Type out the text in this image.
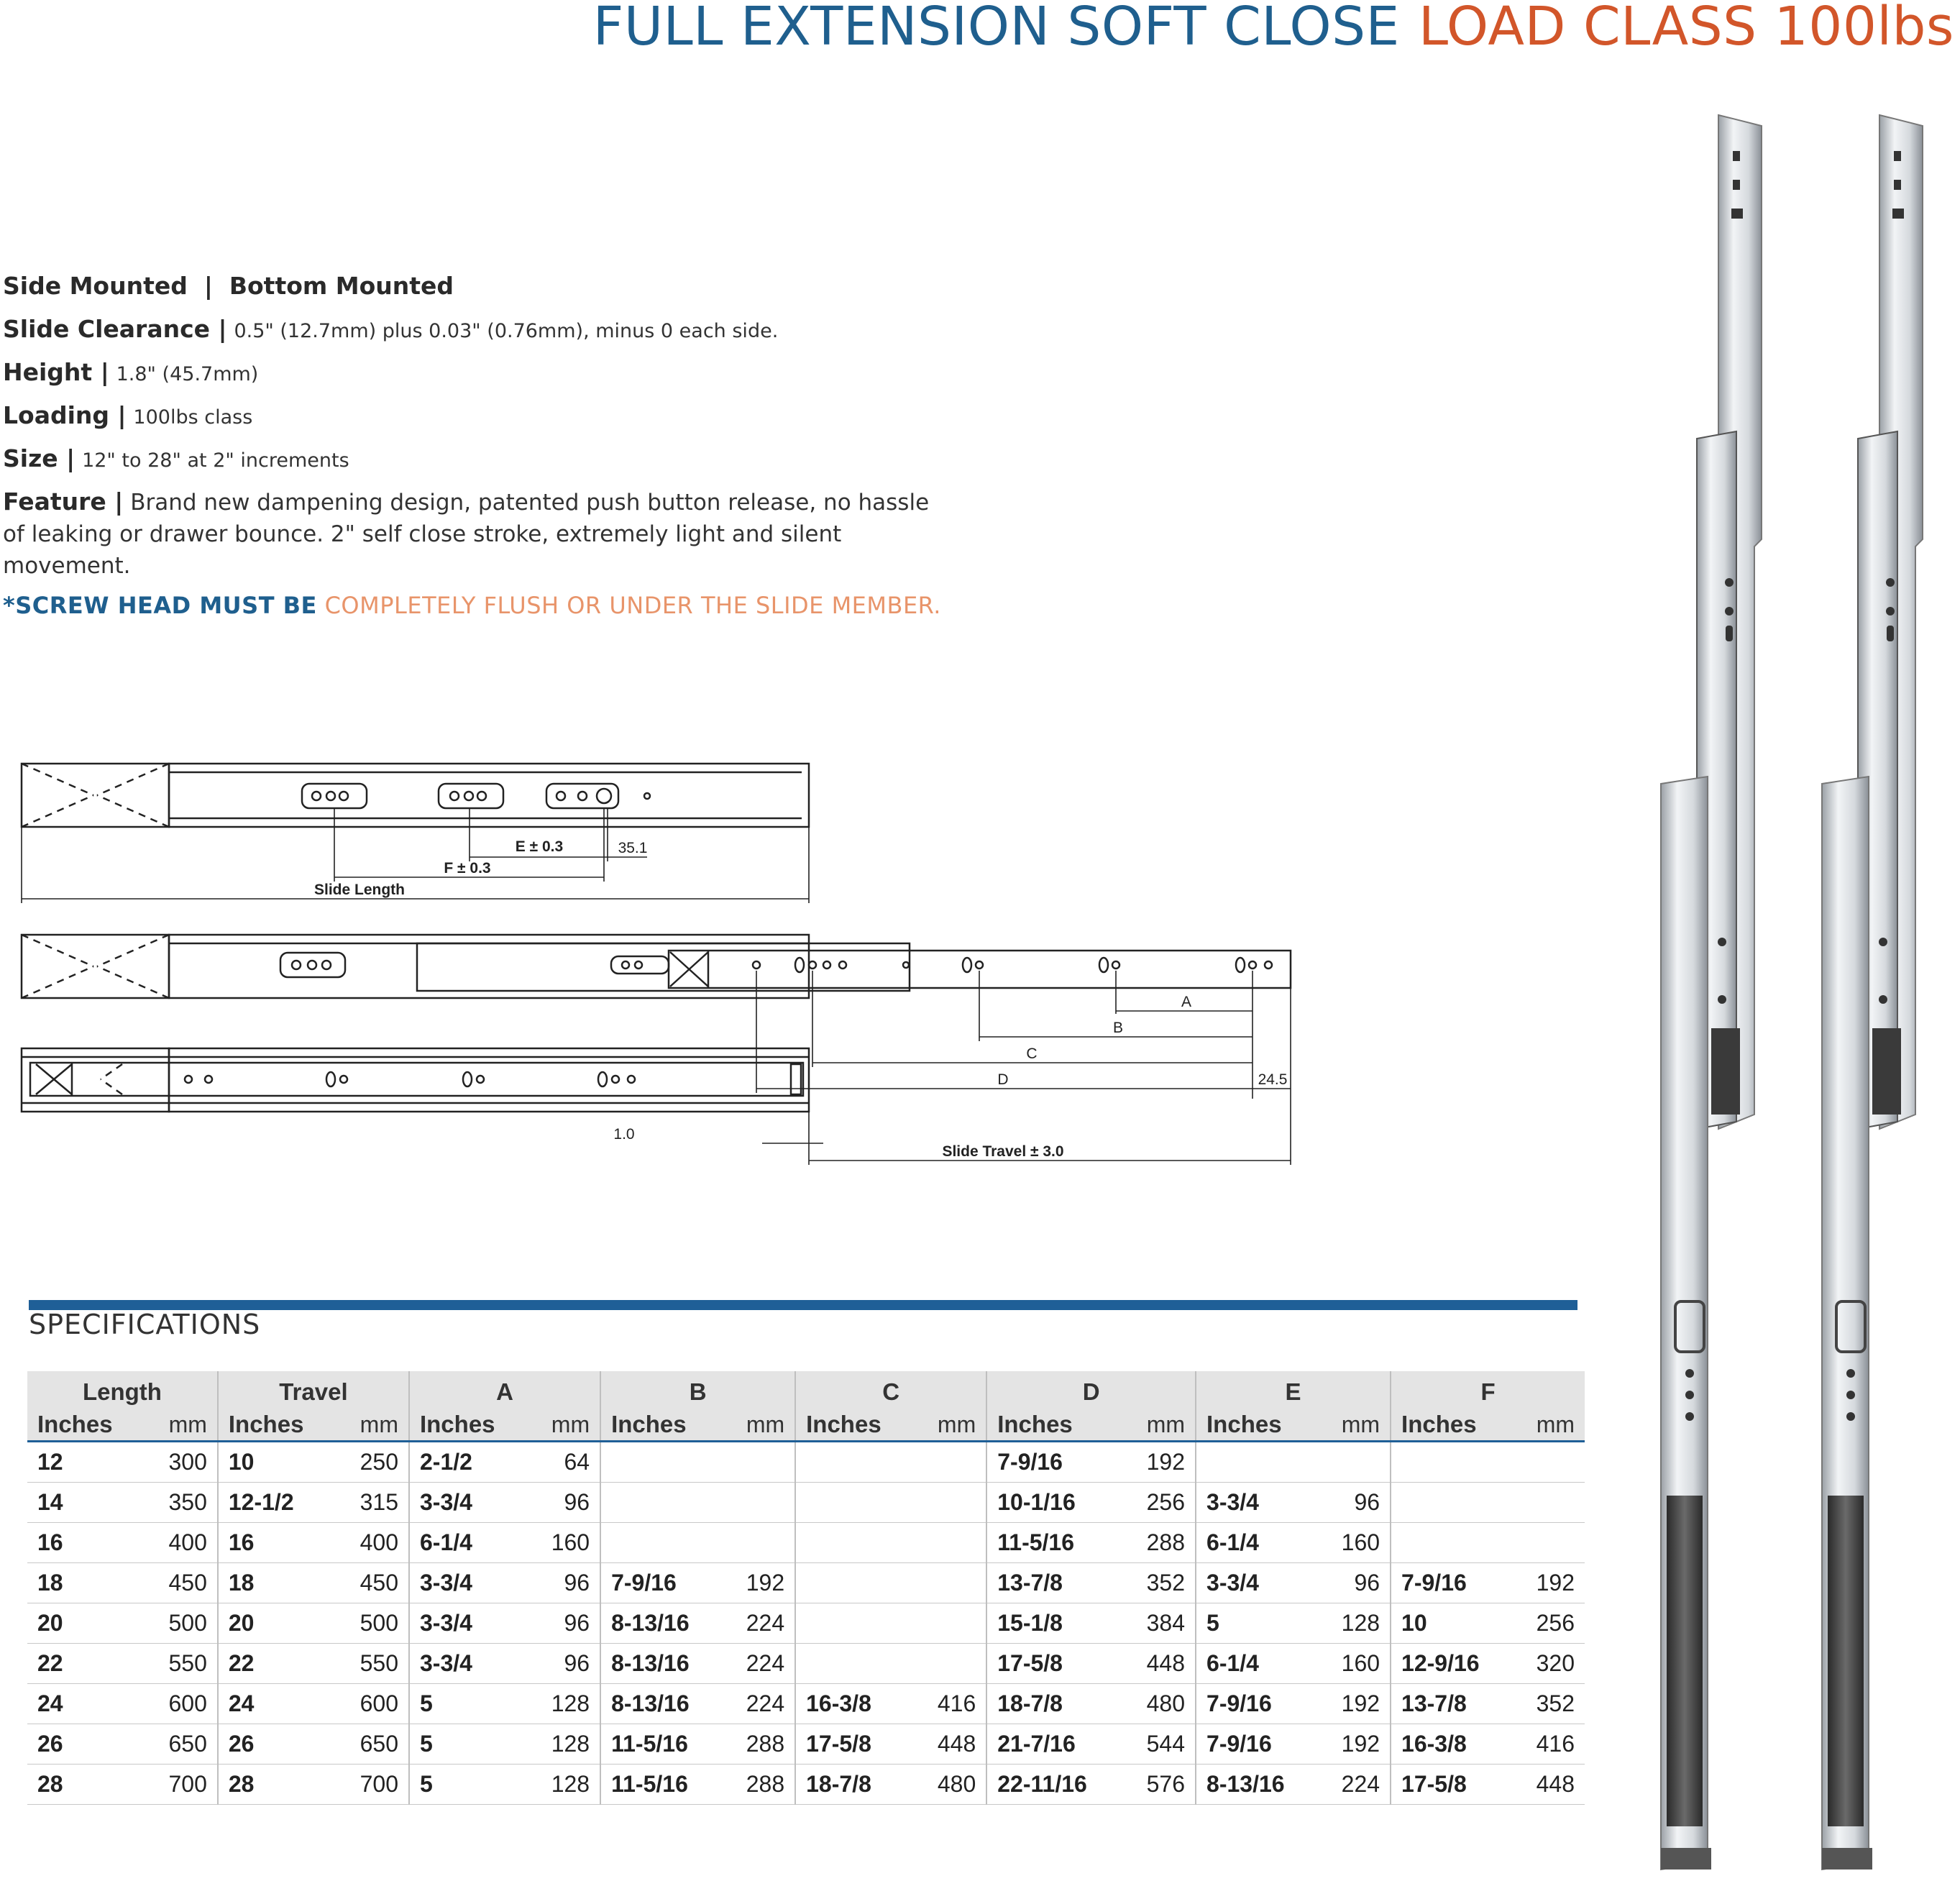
FULL EXTENSION SOFT CLOSE LOAD CLASS 100lbs
Side Mounted  |  Bottom Mounted
Slide Clearance | 0.5" (12.7mm) plus 0.03" (0.76mm), minus 0 each side.
Height | 1.8" (45.7mm)
Loading | 100lbs class
Size | 12" to 28" at 2" increments
Feature | Brand new dampening design, patented push button release, no hassle of leaking or drawer bounce. 2" self close stroke, extremely light and silent movement.
*SCREW HEAD MUST BE COMPLETELY FLUSH OR UNDER THE SLIDE MEMBER.
E ± 0.3
F ± 0.3
35.1
Slide Length
A
B
C
D	24.5
1.0
Slide Travel ± 3.0
SPECIFICATIONS
Length		Travel		A		B		C		D		E		F	
Inches	mm	Inches	mm	Inches	mm	Inches	mm	Inches	mm	Inches	mm	Inches	mm	Inches	mm
12	300	10	250	2-1/2	64					7-9/16	192				
14	350	12-1/2	315	3-3/4	96					10-1/16	256	3-3/4	96		
16	400	16	400	6-1/4	160					11-5/16	288	6-1/4	160		
18	450	18	450	3-3/4	96	7-9/16	192			13-7/8	352	3-3/4	96	7-9/16	192
20	500	20	500	3-3/4	96	8-13/16	224			15-1/8	384	5	128	10	256
22	550	22	550	3-3/4	96	8-13/16	224			17-5/8	448	6-1/4	160	12-9/16	320
24	600	24	600	5	128	8-13/16	224	16-3/8	416	18-7/8	480	7-9/16	192	13-7/8	352
26	650	26	650	5	128	11-5/16	288	17-5/8	448	21-7/16	544	7-9/16	192	16-3/8	416
28	700	28	700	5	128	11-5/16	288	18-7/8	480	22-11/16	576	8-13/16	224	17-5/8	448
